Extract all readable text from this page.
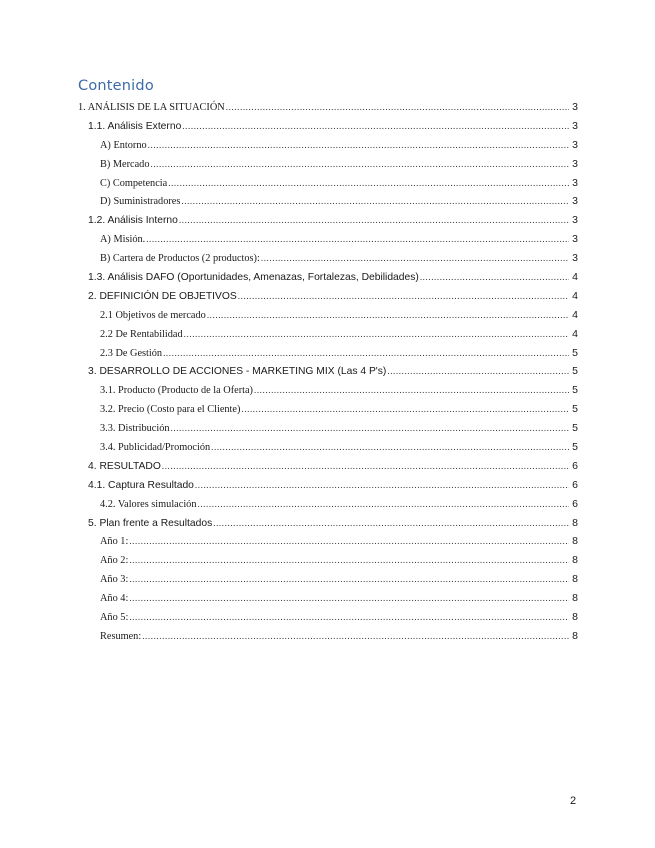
Contenido
1. ANÁLISIS DE LA SITUACIÓN .....	3
1.1. Análisis Externo .....	3
A) Entorno .....	3
B) Mercado .....	3
C) Competencia .....	3
D) Suministradores .....	3
1.2. Análisis Interno .....	3
A) Misión. .....	3
B) Cartera de Productos (2 productos): .....	3
1.3. Análisis DAFO (Oportunidades, Amenazas, Fortalezas, Debilidades) .....	4
2. DEFINICIÓN DE OBJETIVOS .....	4
2.1 Objetivos de mercado .....	4
2.2 De Rentabilidad .....	4
2.3 De Gestión .....	5
3. DESARROLLO DE ACCIONES - MARKETING MIX (Las 4 P's) .....	5
3.1. Producto (Producto de la Oferta) .....	5
3.2. Precio (Costo para el Cliente) .....	5
3.3. Distribución .....	5
3.4. Publicidad/Promoción .....	5
4. RESULTADO .....	6
4.1. Captura Resultado .....	6
4.2. Valores simulación .....	6
5. Plan frente a Resultados .....	8
Año 1: .....	8
Año 2: .....	8
Año 3: .....	8
Año 4: .....	8
Año 5: .....	8
Resumen: .....	8
2
